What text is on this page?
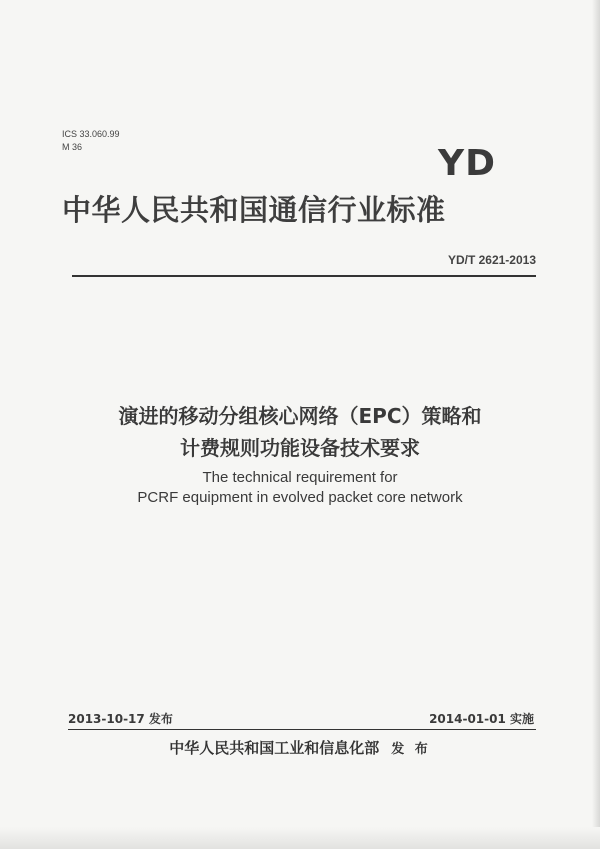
ICS 33.060.99
M 36	YD
中华人民共和国通信行业标准
YD/T 2621-2013
演进的移动分组核心网络（EPC）策略和
计费规则功能设备技术要求
The technical requirement for
PCRF equipment in evolved packet core network
2013-10-17 发布	2014-01-01 实施
中华人民共和国工业和信息化部 发 布
